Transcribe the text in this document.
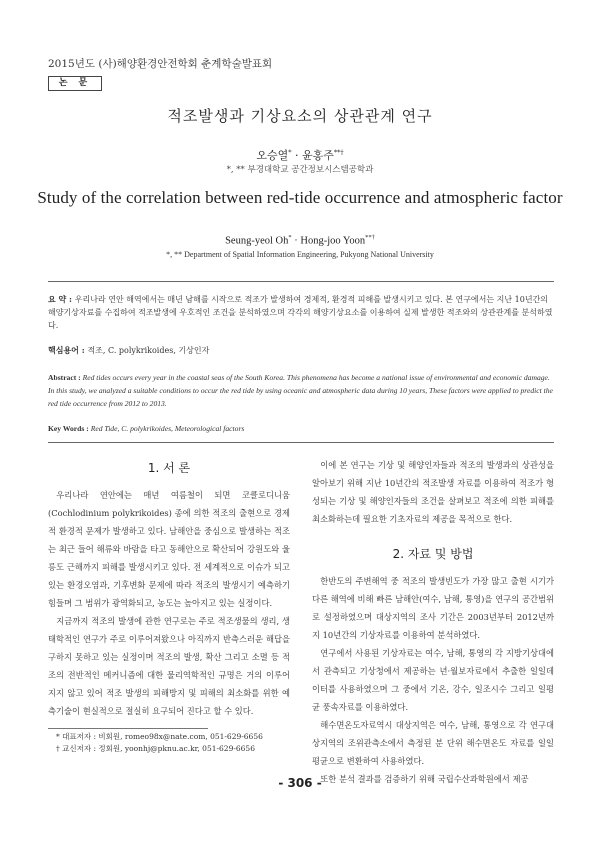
2015년도 (사)해양환경안전학회 춘계학술발표회
논 문
적조발생과 기상요소의 상관관계 연구
오승열* · 윤홍주**†
*, ** 부경대학교 공간정보시스템공학과
Study of the correlation between red-tide occurrence and atmospheric factor
Seung-yeol Oh* · Hong-joo Yoon**†
*, ** Department of Spatial Information Engineering, Pukyong National University
요 약 : 우리나라 연안 해역에서는 매년 남해를 시작으로 적조가 발생하여 경제적, 환경적 피해를 발생시키고 있다. 본 연구에서는 지난 10년간의 해양기상자료를 수집하여 적조발생에 우호적인 조건을 분석하였으며 각각의 해양기상요소를 이용하여 실제 발생한 적조와의 상관관계를 분석하였다.
핵심용어 : 적조, C. polykrikoides, 기상인자
Abstract : Red tides occurs every year in the coastal seas of the South Korea. This phenomena has become a national issue of environmental and economic damage. In this study, we analyzed a suitable conditions to occur the red tide by using oceanic and atmospheric data during 10 years, These factors were applied to predict the red tide occurrence from 2012 to 2013.
Key Words : Red Tide, C. polykrikoides, Meteorological factors
1. 서 론

우리나라 연안에는 매년 여름철이 되면 코클로디니움(Cochlodinium polykrikoides) 종에 의한 적조의 출현으로 경제적 환경적 문제가 발생하고 있다. 남해안을 중심으로 발생하는 적조는 최근 들어 해류와 바람을 타고 동해안으로 확산되어 강원도와 울릉도 근해까지 피해를 발생시키고 있다. 전 세계적으로 이슈가 되고 있는 환경오염과, 기후변화 문제에 따라 적조의 발생시기 예측하기 힘들며 그 범위가 광역화되고, 농도는 높아지고 있는 실정이다.

지금까지 적조의 발생에 관한 연구로는 주로 적조생물의 생리, 생태학적인 연구가 주로 이루어져왔으나 아직까지 반측스러운 해답을 구하지 못하고 있는 실정이며 적조의 발생, 확산 그리고 소멸 등 적조의 전반적인 메커니즘에 대한 물리역학적인 규명은 거의 이루어지지 않고 있어 적조 발생의 피해방지 및 피해의 최소화를 위한 예측기술이 현실적으로 절실히 요구되어 진다고 할 수 있다.

이에 본 연구는 기상 및 해양인자들과 적조의 발생과의 상관성을 알아보기 위해 지난 10년간의 적조발생 자료를 이용하여 적조가 형성되는 기상 및 해양인자들의 조건을 살펴보고 적조에 의한 피해를 최소화하는데 필요한 기초자료의 제공을 목적으로 한다.

2. 자료 및 방법

한반도의 주변해역 중 적조의 발생빈도가 가장 많고 출현 시기가 다른 해역에 비해 빠른 남해안(여수, 남해, 통영)을 연구의 공간범위로 설정하였으며 대상지역의 조사 기간은 2003년부터 2012년까지 10년간의 기상자료를 이용하여 분석하였다.

연구에서 사용된 기상자료는 여수, 남해, 통영의 각 지방기상대에서 관측되고 기상청에서 제공하는 년·월보자료에서 추출한 일일데이터를 사용하였으며 그 중에서 기온, 강수, 일조시수 그리고 일평균 풍속자료를 이용하였다.

해수면온도자료역시 대상지역은 여수, 남해, 통영으로 각 연구대상지역의 조위관측소에서 측정된 분 단위 해수면온도 자료를 일일평균으로 변환하여 사용하였다.

또한 분석 결과를 검증하기 위해 국립수산과학원에서 제공

* 대표저자 : 비회원, romeo98x@nate.com, 051-629-6656
† 교신저자 : 정회원, yoonhj@pknu.ac.kr, 051-629-6656
- 306 -
